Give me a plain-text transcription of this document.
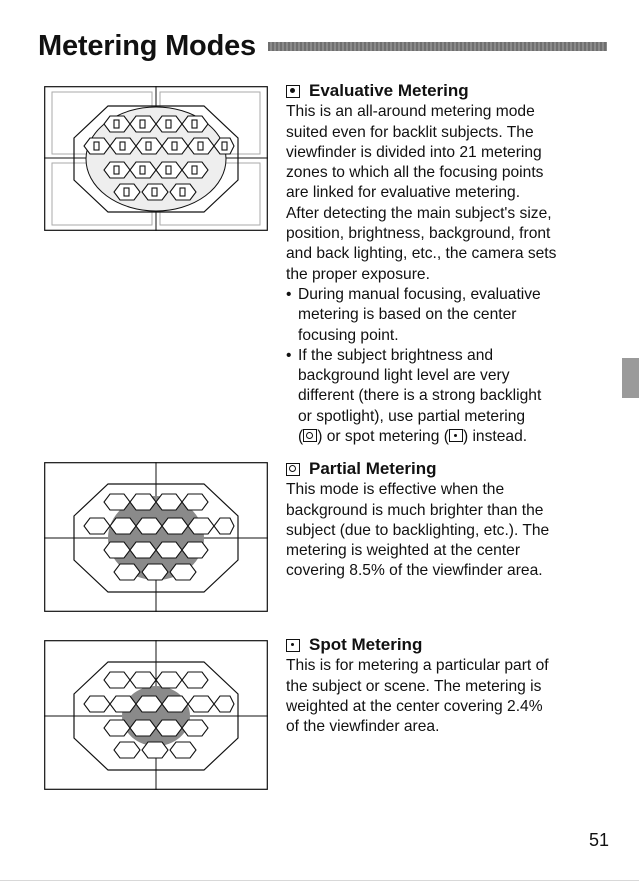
Metering Modes
Evaluative Metering

This is an all-around metering mode

suited even for backlit subjects. The

viewfinder is divided into 21 metering

zones to which all the focusing points

are linked for evaluative metering.

After detecting the main subject's size,

position, brightness, background, front

and back lighting, etc., the camera sets

the proper exposure.

• During manual focusing, evaluative

metering is based on the center

focusing point.

• If the subject brightness and

background light level are very

different (there is a strong backlight

or spotlight), use partial metering

( ) or spot metering ( ) instead.

Partial Metering

This mode is effective when the

background is much brighter than the

subject (due to backlighting, etc.). The

metering is weighted at the center

covering 8.5% of the viewfinder area.

Spot Metering

This is for metering a particular part of

the subject or scene. The metering is

weighted at the center covering 2.4%

of the viewfinder area.

51
